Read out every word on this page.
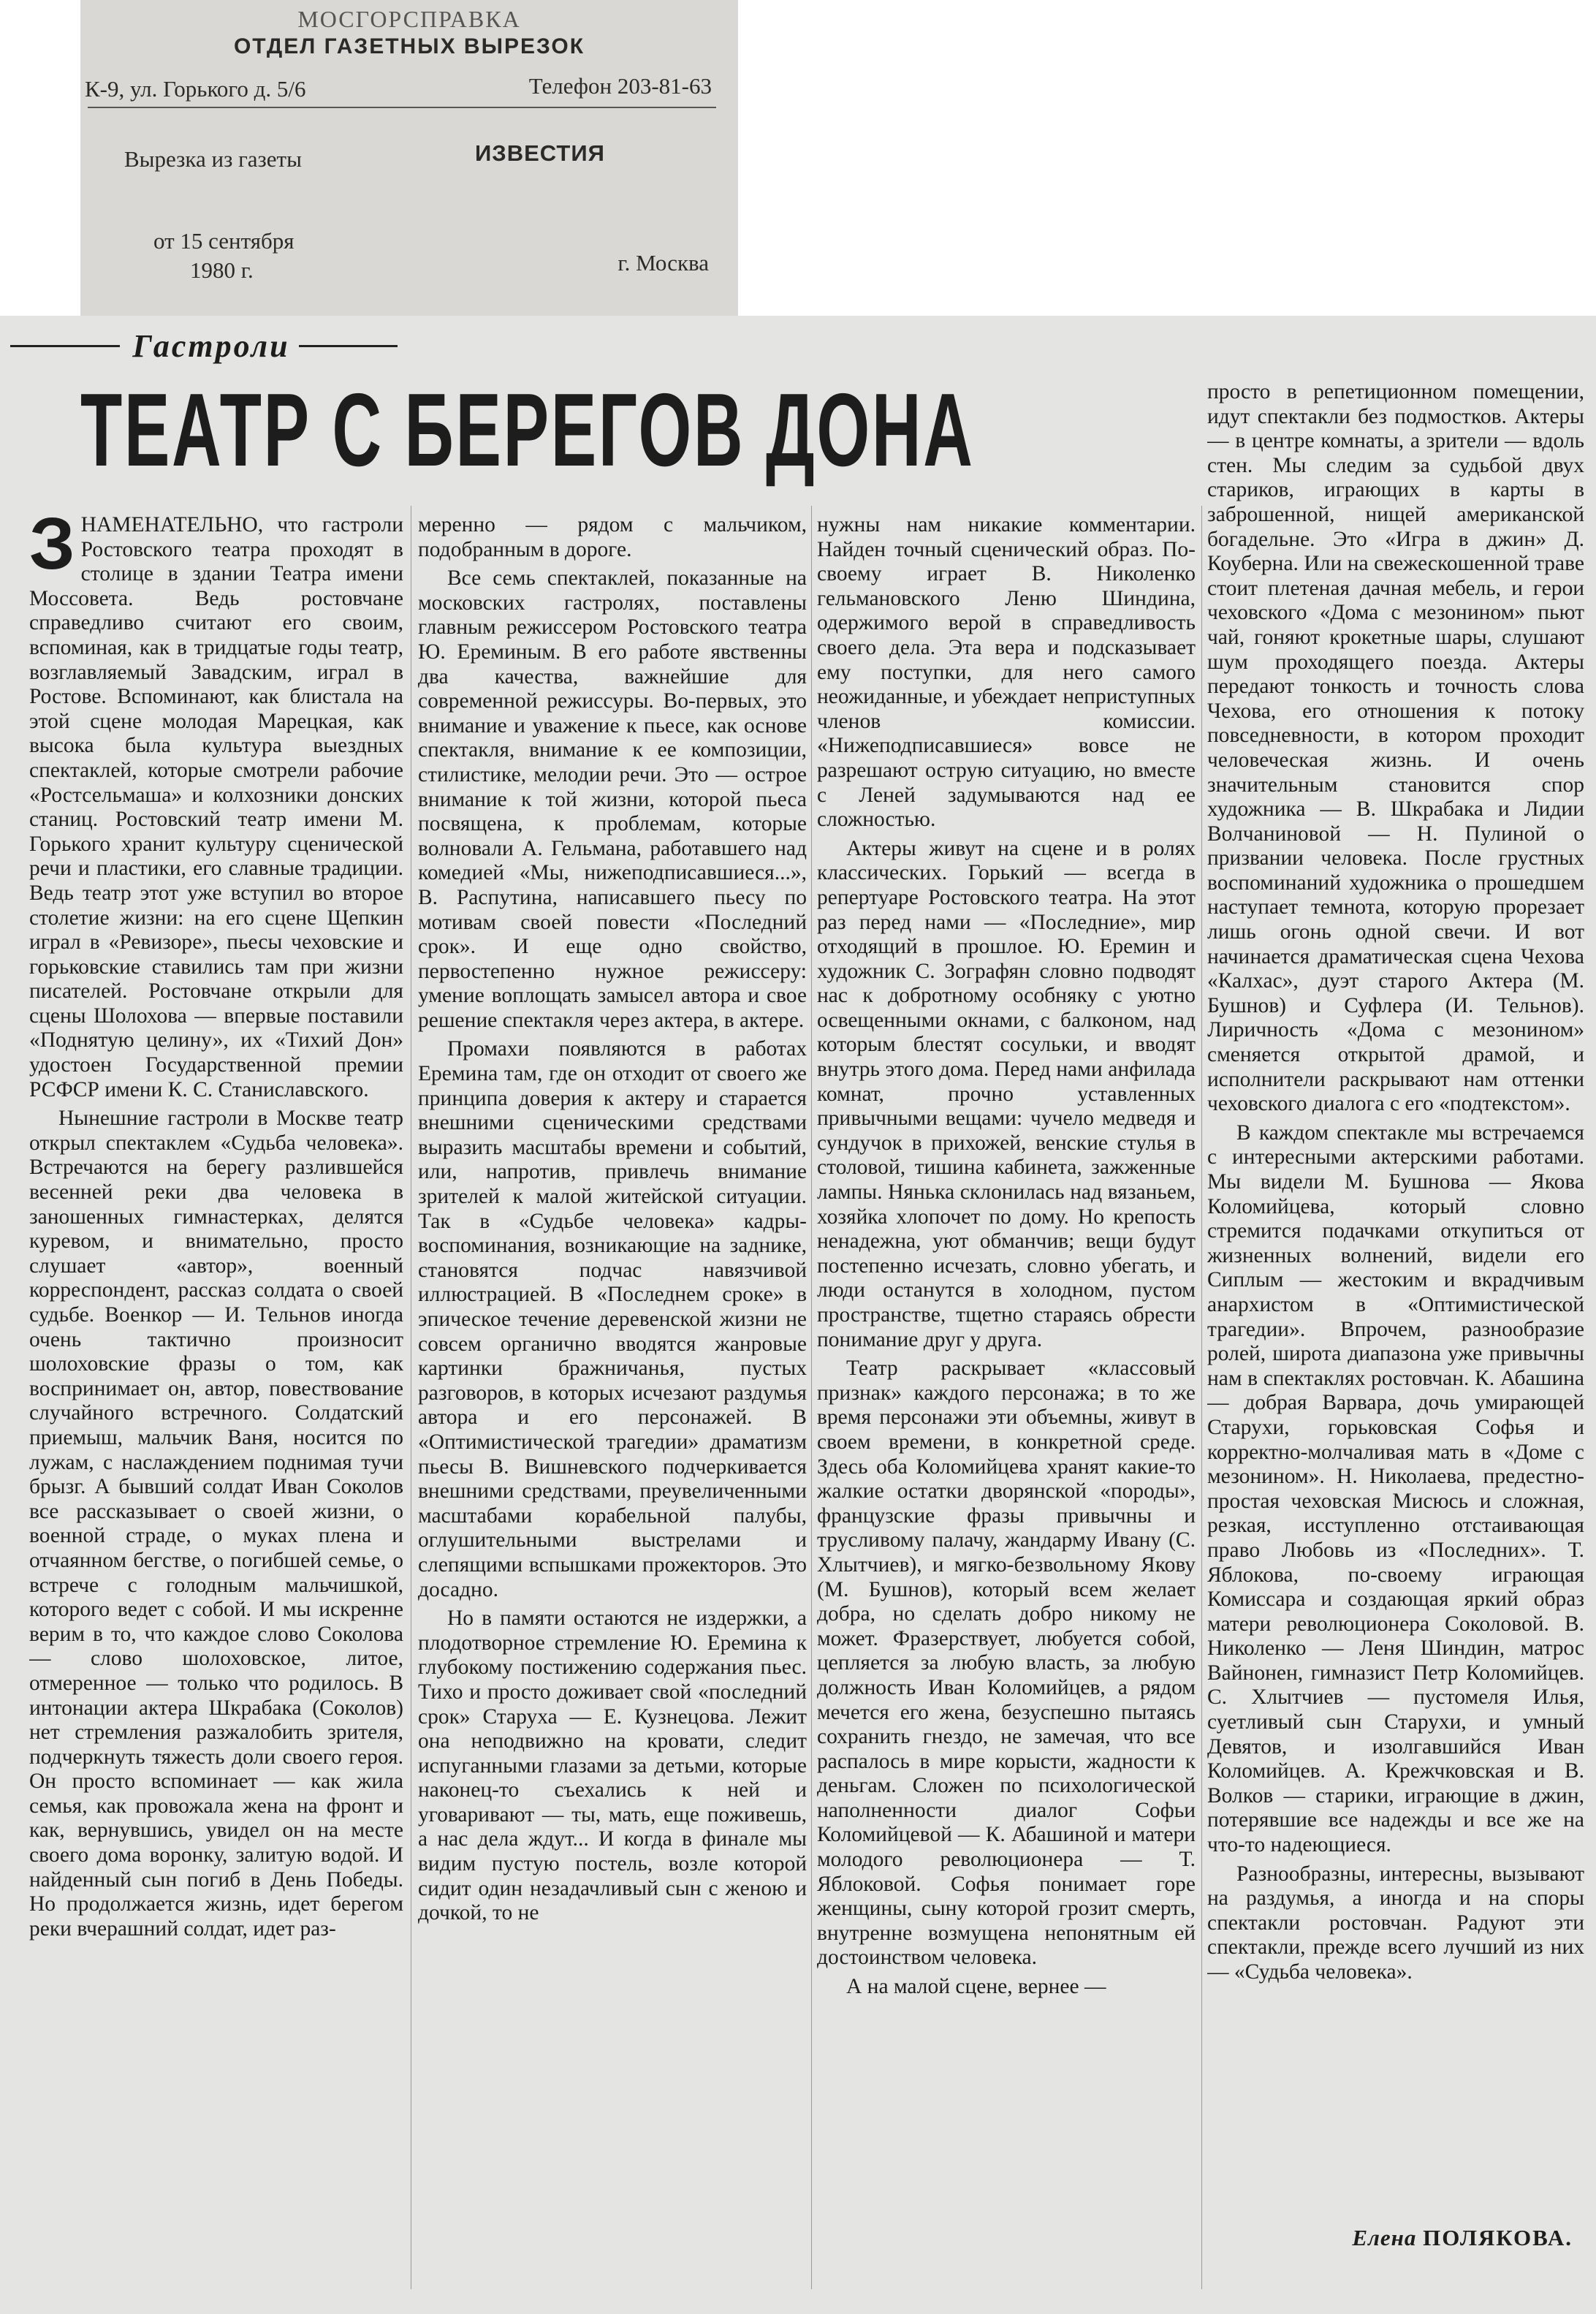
МОСГОРСПРАВКА
ОТДЕЛ ГАЗЕТНЫХ ВЫРЕЗОК
К-9, ул. Горького д. 5/6	Телефон 203-81-63
Вырезка из газеты	ИЗВЕСТИЯ
от 15 сентября
1980 г.	г. Москва
Гастроли
ТЕАТР С БЕРЕГОВ ДОНА

ЗНАМЕНАТЕЛЬНО, что гастроли Ростовского театра проходят в столице в здании Театра имени Моссовета. Ведь ростовчане справедливо считают его своим, вспоминая, как в тридцатые годы театр, возглавляемый Завадским, играл в Ростове. Вспоминают, как блистала на этой сцене молодая Марецкая, как высока была культура выездных спектаклей, которые смотрели рабочие «Ростсельмаша» и колхозники донских станиц. Ростовский театр имени М. Горького хранит культуру сценической речи и пластики, его славные традиции. Ведь театр этот уже вступил во второе столетие жизни: на его сцене Щепкин играл в «Ревизоре», пьесы чеховские и горьковские ставились там при жизни писателей. Ростовчане открыли для сцены Шолохова — впервые поставили «Поднятую целину», их «Тихий Дон» удостоен Государственной премии РСФСР имени К. С. Станиславского.

Нынешние гастроли в Москве театр открыл спектаклем «Судьба человека». Встречаются на берегу разлившейся весенней реки два человека в заношенных гимнастерках, делятся куревом, и внимательно, просто слушает «автор», военный корреспондент, рассказ солдата о своей судьбе. Военкор — И. Тельнов иногда очень тактично произносит шолоховские фразы о том, как воспринимает он, автор, повествование случайного встречного. Солдатский приемыш, мальчик Ваня, носится по лужам, с наслаждением поднимая тучи брызг. А бывший солдат Иван Соколов все рассказывает о своей жизни, о военной страде, о муках плена и отчаянном бегстве, о погибшей семье, о встрече с голодным мальчишкой, которого ведет с собой. И мы искренне верим в то, что каждое слово Соколова — слово шолоховское, литое, отмеренное — только что родилось. В интонации актера Шкрабака (Соколов) нет стремления разжалобить зрителя, подчеркнуть тяжесть доли своего героя. Он просто вспоминает — как жила семья, как провожала жена на фронт и как, вернувшись, увидел он на месте своего дома воронку, залитую водой. И найденный сын погиб в День Победы. Но продолжается жизнь, идет берегом реки вчерашний солдат, идет раз-

меренно — рядом с мальчиком, подобранным в дороге.

Все семь спектаклей, показанные на московских гастролях, поставлены главным режиссером Ростовского театра Ю. Ереминым. В его работе явственны два качества, важнейшие для современной режиссуры. Во-первых, это внимание и уважение к пьесе, как основе спектакля, внимание к ее композиции, стилистике, мелодии речи. Это — острое внимание к той жизни, которой пьеса посвящена, к проблемам, которые волновали А. Гельмана, работавшего над комедией «Мы, нижеподписавшиеся...», В. Распутина, написавшего пьесу по мотивам своей повести «Последний срок». И еще одно свойство, первостепенно нужное режиссеру: умение воплощать замысел автора и свое решение спектакля через актера, в актере.

Промахи появляются в работах Еремина там, где он отходит от своего же принципа доверия к актеру и старается внешними сценическими средствами выразить масштабы времени и событий, или, напротив, привлечь внимание зрителей к малой житейской ситуации. Так в «Судьбе человека» кадры-воспоминания, возникающие на заднике, становятся подчас навязчивой иллюстрацией. В «Последнем сроке» в эпическое течение деревенской жизни не совсем органично вводятся жанровые картинки бражничанья, пустых разговоров, в которых исчезают раздумья автора и его персонажей. В «Оптимистической трагедии» драматизм пьесы В. Вишневского подчеркивается внешними средствами, преувеличенными масштабами корабельной палубы, оглушительными выстрелами и слепящими вспышками прожекторов. Это досадно.

Но в памяти остаются не издержки, а плодотворное стремление Ю. Еремина к глубокому постижению содержания пьес. Тихо и просто доживает свой «последний срок» Старуха — Е. Кузнецова. Лежит она неподвижно на кровати, следит испуганными глазами за детьми, которые наконец-то съехались к ней и уговаривают — ты, мать, еще поживешь, а нас дела ждут... И когда в финале мы видим пустую постель, возле которой сидит один незадачливый сын с женою и дочкой, то не

нужны нам никакие комментарии. Найден точный сценический образ. По-своему играет В. Николенко гельмановского Леню Шиндина, одержимого верой в справедливость своего дела. Эта вера и подсказывает ему поступки, для него самого неожиданные, и убеждает неприступных членов комиссии. «Нижеподписавшиеся» вовсе не разрешают острую ситуацию, но вместе с Леней задумываются над ее сложностью.

Актеры живут на сцене и в ролях классических. Горький — всегда в репертуаре Ростовского театра. На этот раз перед нами — «Последние», мир отходящий в прошлое. Ю. Еремин и художник С. Зографян словно подводят нас к добротному особняку с уютно освещенными окнами, с балконом, над которым блестят сосульки, и вводят внутрь этого дома. Перед нами анфилада комнат, прочно уставленных привычными вещами: чучело медведя и сундучок в прихожей, венские стулья в столовой, тишина кабинета, зажженные лампы. Нянька склонилась над вязаньем, хозяйка хлопочет по дому. Но крепость ненадежна, уют обманчив; вещи будут постепенно исчезать, словно убегать, и люди останутся в холодном, пустом пространстве, тщетно стараясь обрести понимание друг у друга.

Театр раскрывает «классовый признак» каждого персонажа; в то же время персонажи эти объемны, живут в своем времени, в конкретной среде. Здесь оба Коломийцева хранят какие-то жалкие остатки дворянской «породы», французские фразы привычны и трусливому палачу, жандарму Ивану (С. Хлытчиев), и мягко-безвольному Якову (М. Бушнов), который всем желает добра, но сделать добро никому не может. Фразерствует, любуется собой, цепляется за любую власть, за любую должность Иван Коломийцев, а рядом мечется его жена, безуспешно пытаясь сохранить гнездо, не замечая, что все распалось в мире корысти, жадности к деньгам. Сложен по психологической наполненности диалог Софьи Коломийцевой — К. Абашиной и матери молодого революционера — Т. Яблоковой. Софья понимает горе женщины, сыну которой грозит смерть, внутренне возмущена непонятным ей достоинством человека.

А на малой сцене, вернее —

просто в репетиционном помещении, идут спектакли без подмостков. Актеры — в центре комнаты, а зрители — вдоль стен. Мы следим за судьбой двух стариков, играющих в карты в заброшенной, нищей американской богадельне. Это «Игра в джин» Д. Коуберна. Или на свежескошенной траве стоит плетеная дачная мебель, и герои чеховского «Дома с мезонином» пьют чай, гоняют крокетные шары, слушают шум проходящего поезда. Актеры передают тонкость и точность слова Чехова, его отношения к потоку повседневности, в котором проходит человеческая жизнь. И очень значительным становится спор художника — В. Шкрабака и Лидии Волчаниновой — Н. Пулиной о призвании человека. После грустных воспоминаний художника о прошедшем наступает темнота, которую прорезает лишь огонь одной свечи. И вот начинается драматическая сцена Чехова «Калхас», дуэт старого Актера (М. Бушнов) и Суфлера (И. Тельнов). Лиричность «Дома с мезонином» сменяется открытой драмой, и исполнители раскрывают нам оттенки чеховского диалога с его «подтекстом».

В каждом спектакле мы встречаемся с интересными актерскими работами. Мы видели М. Бушнова — Якова Коломийцева, который словно стремится подачками откупиться от жизненных волнений, видели его Сиплым — жестоким и вкрадчивым анархистом в «Оптимистической трагедии». Впрочем, разнообразие ролей, широта диапазона уже привычны нам в спектаклях ростовчан. К. Абашина — добрая Варвара, дочь умирающей Старухи, горьковская Софья и корректно-молчаливая мать в «Доме с мезонином». Н. Николаева, предестно-простая чеховская Мисюсь и сложная, резкая, исступленно отстаивающая право Любовь из «Последних». Т. Яблокова, по-своему играющая Комиссара и создающая яркий образ матери революционера Соколовой. В. Николенко — Леня Шиндин, матрос Вайнонен, гимназист Петр Коломийцев. С. Хлытчиев — пустомеля Илья, суетливый сын Старухи, и умный Девятов, и изолгавшийся Иван Коломийцев. А. Крежчковская и В. Волков — старики, играющие в джин, потерявшие все надежды и все же на что-то надеющиеся.

Разнообразны, интересны, вызывают на раздумья, а иногда и на споры спектакли ростовчан. Радуют эти спектакли, прежде всего лучший из них — «Судьба человека».

Елена ПОЛЯКОВА.
